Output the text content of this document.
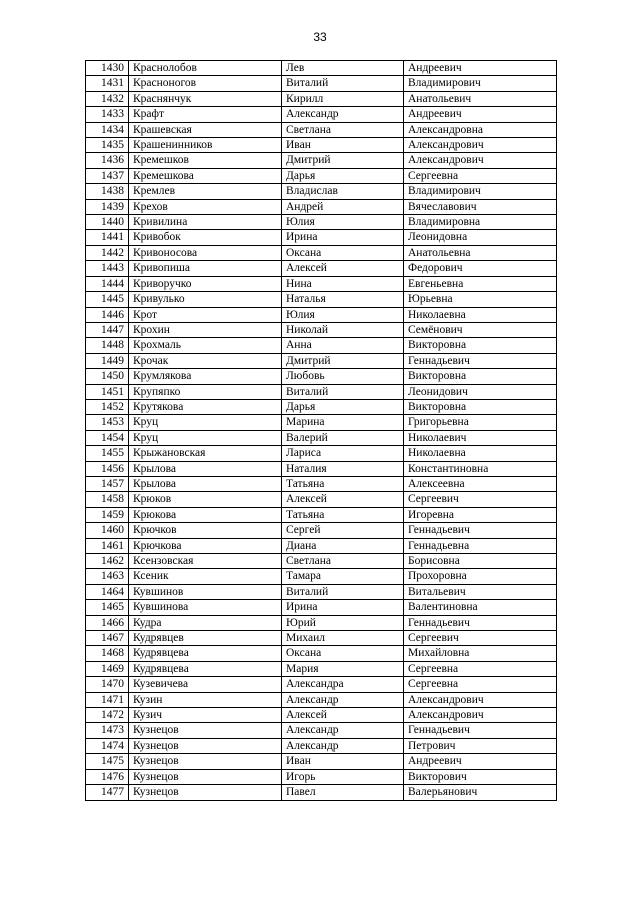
33
1430	Краснолобов	Лев	Андреевич
1431	Красноногов	Виталий	Владимирович
1432	Краснянчук	Кирилл	Анатольевич
1433	Крафт	Александр	Андреевич
1434	Крашевская	Светлана	Александровна
1435	Крашенинников	Иван	Александрович
1436	Кремешков	Дмитрий	Александрович
1437	Кремешкова	Дарья	Сергеевна
1438	Кремлев	Владислав	Владимирович
1439	Крехов	Андрей	Вячеславович
1440	Кривилина	Юлия	Владимировна
1441	Кривобок	Ирина	Леонидовна
1442	Кривоносова	Оксана	Анатольевна
1443	Кривопиша	Алексей	Федорович
1444	Криворучко	Нина	Евгеньевна
1445	Кривулько	Наталья	Юрьевна
1446	Крот	Юлия	Николаевна
1447	Крохин	Николай	Семёнович
1448	Крохмаль	Анна	Викторовна
1449	Крочак	Дмитрий	Геннадьевич
1450	Крумлякова	Любовь	Викторовна
1451	Крупяпко	Виталий	Леонидович
1452	Крутякова	Дарья	Викторовна
1453	Круц	Марина	Григорьевна
1454	Круц	Валерий	Николаевич
1455	Крыжановская	Лариса	Николаевна
1456	Крылова	Наталия	Константиновна
1457	Крылова	Татьяна	Алексеевна
1458	Крюков	Алексей	Сергеевич
1459	Крюкова	Татьяна	Игоревна
1460	Крючков	Сергей	Геннадьевич
1461	Крючкова	Диана	Геннадьевна
1462	Ксензовская	Светлана	Борисовна
1463	Ксеник	Тамара	Прохоровна
1464	Кувшинов	Виталий	Витальевич
1465	Кувшинова	Ирина	Валентиновна
1466	Кудра	Юрий	Геннадьевич
1467	Кудрявцев	Михаил	Сергеевич
1468	Кудрявцева	Оксана	Михайловна
1469	Кудрявцева	Мария	Сергеевна
1470	Кузевичева	Александра	Сергеевна
1471	Кузин	Александр	Александрович
1472	Кузич	Алексей	Александрович
1473	Кузнецов	Александр	Геннадьевич
1474	Кузнецов	Александр	Петрович
1475	Кузнецов	Иван	Андреевич
1476	Кузнецов	Игорь	Викторович
1477	Кузнецов	Павел	Валерьянович
